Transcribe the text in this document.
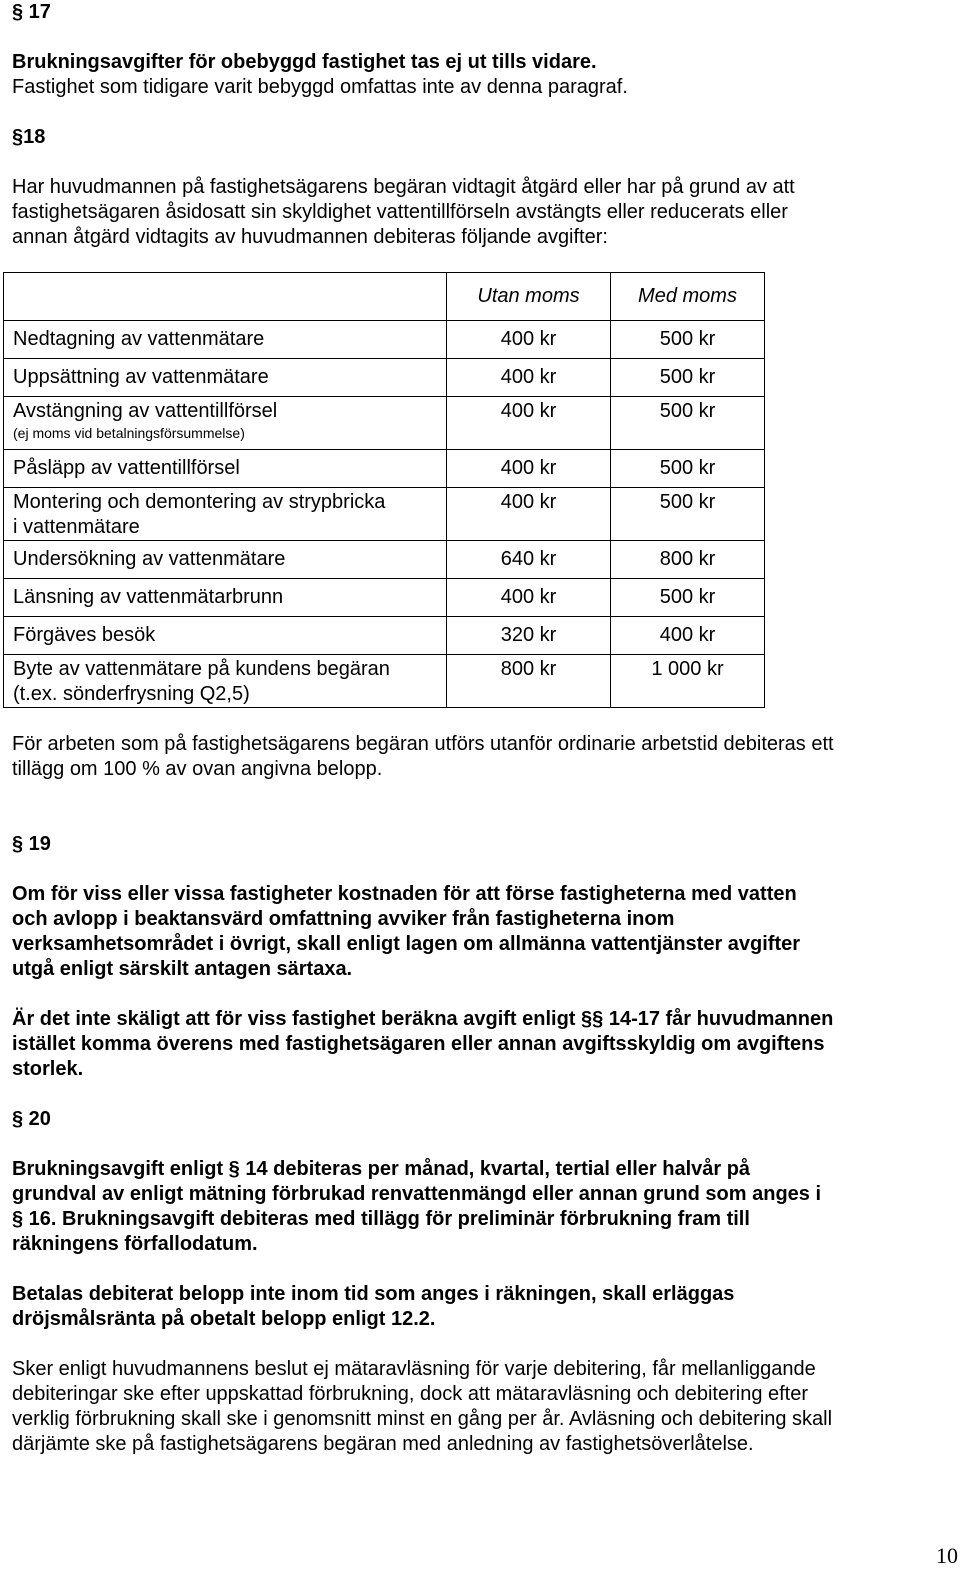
§ 17
Brukningsavgifter för obebyggd fastighet tas ej ut tills vidare.
Fastighet som tidigare varit bebyggd omfattas inte av denna paragraf.
§18
Har huvudmannen på fastighetsägarens begäran vidtagit åtgärd eller har på grund av att
fastighetsägaren åsidosatt sin skyldighet vattentillförseln avstängts eller reducerats eller
annan åtgärd vidtagits av huvudmannen debiteras följande avgifter:
	Utan moms	Med moms
Nedtagning av vattenmätare	400 kr	500 kr
Uppsättning av vattenmätare	400 kr	500 kr

Avstängning av vattentillförsel
(ej moms vid betalningsförsummelse)	400 kr	500 kr
Påsläpp av vattentillförsel	400 kr	500 kr

Montering och demontering av strypbricka
i vattenmätare	400 kr	500 kr
Undersökning av vattenmätare	640 kr	800 kr
Länsning av vattenmätarbrunn	400 kr	500 kr
Förgäves besök	320 kr	400 kr

Byte av vattenmätare på kundens begäran
(t.ex. sönderfrysning Q2,5)	800 kr	1 000 kr
För arbeten som på fastighetsägarens begäran utförs utanför ordinarie arbetstid debiteras ett
tillägg om 100 % av ovan angivna belopp.
§ 19
Om för viss eller vissa fastigheter kostnaden för att förse fastigheterna med vatten
och avlopp i beaktansvärd omfattning avviker från fastigheterna inom
verksamhetsområdet i övrigt, skall enligt lagen om allmänna vattentjänster avgifter
utgå enligt särskilt antagen särtaxa.
Är det inte skäligt att för viss fastighet beräkna avgift enligt §§ 14-17 får huvudmannen
istället komma överens med fastighetsägaren eller annan avgiftsskyldig om avgiftens
storlek.
§ 20
Brukningsavgift enligt § 14 debiteras per månad, kvartal, tertial eller halvår på
grundval av enligt mätning förbrukad renvattenmängd eller annan grund som anges i
§ 16. Brukningsavgift debiteras med tillägg för preliminär förbrukning fram till
räkningens förfallodatum.
Betalas debiterat belopp inte inom tid som anges i räkningen, skall erläggas
dröjsmålsränta på obetalt belopp enligt 12.2.
Sker enligt huvudmannens beslut ej mätaravläsning för varje debitering, får mellanliggande
debiteringar ske efter uppskattad förbrukning, dock att mätaravläsning och debitering efter
verklig förbrukning skall ske i genomsnitt minst en gång per år. Avläsning och debitering skall
därjämte ske på fastighetsägarens begäran med anledning av fastighetsöverlåtelse.
10
